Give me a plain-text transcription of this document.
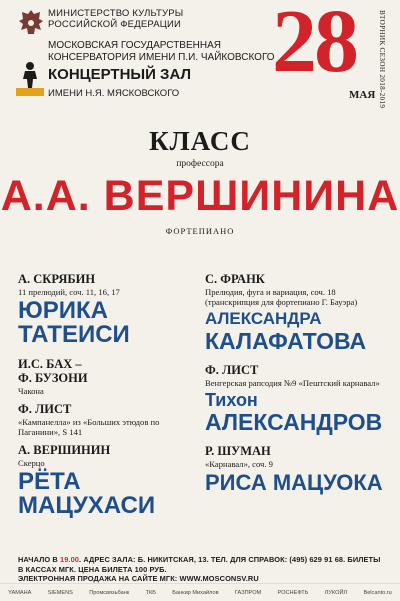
МИНИСТЕРСТВО КУЛЬТУРЫ
РОССИЙСКОЙ ФЕДЕРАЦИИ
МОСКОВСКАЯ ГОСУДАРСТВЕННАЯ
КОНСЕРВАТОРИЯ ИМЕНИ П.И. ЧАЙКОВСКОГО
КОНЦЕРТНЫЙ ЗАЛ
ИМЕНИ Н.Я. МЯСКОВСКОГО
28
МАЯ ВТОРНИК СЕЗОН 2018-2019
КЛАСС
профессора
А.А. ВЕРШИНИНА
ФОРТЕПИАНО
А. СКРЯБИН
11 прелюдий, соч. 11, 16, 17
ЮРИКА
ТАТЕИСИ
И.С. БАХ –
Ф. БУЗОНИ
Чакона
Ф. ЛИСТ
«Кампанелла» из «Больших этюдов по Паганини», S 141
А. ВЕРШИНИН
Скерцо
РЁТА
МАЦУХАСИ
С. ФРАНК
Прелюдия, фуга и вариация, соч. 18 (транскрипция для фортепиано Г. Бауэра)
АЛЕКСАНДРА
КАЛАФАТОВА
Ф. ЛИСТ
Венгерская рапсодия №9 «Пештский карнавал»
Тихон
АЛЕКСАНДРОВ
Р. ШУМАН
«Карнавал», соч. 9
РИСА МАЦУОКА
НАЧАЛО В 19.00. АДРЕС ЗАЛА: Б. НИКИТСКАЯ, 13. ТЕЛ. ДЛЯ СПРАВОК: (495) 629 91 68. БИЛЕТЫ В КАССАХ МГК. ЦЕНА БИЛЕТА 100 РУБ.
ЭЛЕКТРОННАЯ ПРОДАЖА НА САЙТЕ МГК: WWW.MOSCONSV.RU
YAMAHA	SIEMENS	Промсвязьбанк	ТКБ	Банкир Михайлов	ГАЗПРОМ	РОСНЕФТЬ	ЛУКОЙЛ	Belcanto.ru
